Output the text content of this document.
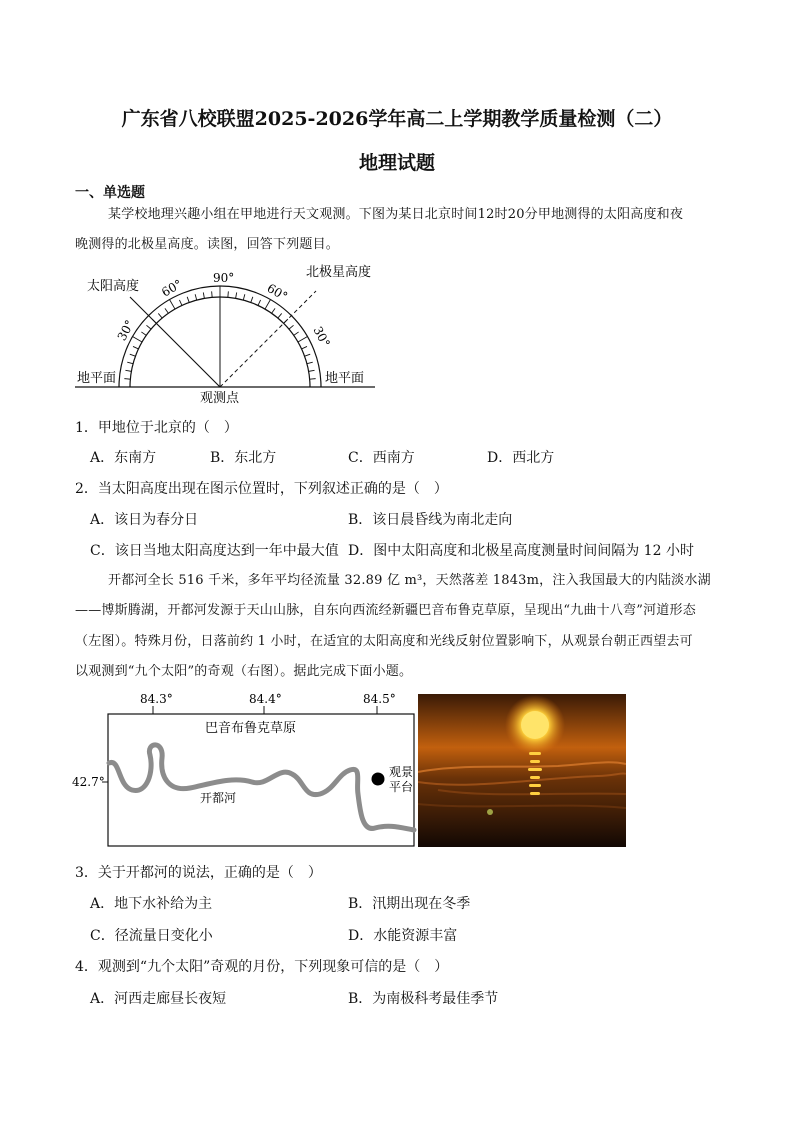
广东省八校联盟2025-2026学年高二上学期教学质量检测（二）
地理试题
一、单选题
某学校地理兴趣小组在甲地进行天文观测。下图为某日北京时间12时20分甲地测得的太阳高度和夜
晚测得的北极星高度。读图，回答下列题目。
太阳高度
北极星高度
地平面	地平面
观测点
90°
60°	60°
30°	30°
1．甲地位于北京的（　）
A．东南方	B．东北方	C．西南方	D．西北方
2．当太阳高度出现在图示位置时，下列叙述正确的是（　）
A．该日为春分日	B．该日晨昏线为南北走向
C．该日当地太阳高度达到一年中最大值 D．图中太阳高度和北极星高度测量时间间隔为 12 小时
开都河全长 516 千米，多年平均径流量 32.89 亿 m³，天然落差 1843m，注入我国最大的内陆淡水湖
——博斯腾湖，开都河发源于天山山脉，自东向西流经新疆巴音布鲁克草原，呈现出“九曲十八弯”河道形态
（左图）。特殊月份，日落前约 1 小时，在适宜的太阳高度和光线反射位置影响下，从观景台朝正西望去可
以观测到“九个太阳”的奇观（右图）。据此完成下面小题。
84.3°	84.4°	84.5°
42.7°
巴音布鲁克草原
开都河
观景
平台
3．关于开都河的说法，正确的是（　）
A．地下水补给为主	B．汛期出现在冬季
C．径流量日变化小	D．水能资源丰富
4．观测到“九个太阳”奇观的月份，下列现象可信的是（　）
A．河西走廊昼长夜短	B．为南极科考最佳季节
